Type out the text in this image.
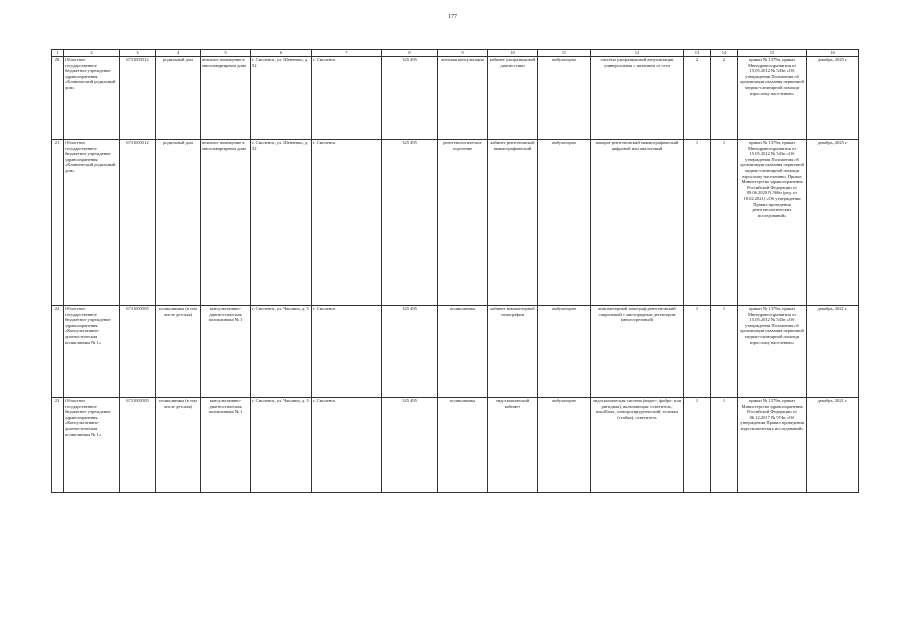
177
1	2	3	4	5	6	7	8	9	10	11	12	13	14	15	16
20.	Областное государственное бюджетное учреждение здравоохранения «Клинический родильный дом»	6731003512	родильный дом	нежилое помещение в многоквартирном доме	г. Смоленск, ул. Шевченко, д. 52	г. Смоленск	325 495	женская консультация	кабинет ультразвуковой диагностики	амбулаторно	система ультразвуковой визуализации универсальная с питанием от сети	2	2	приказ № 1379н, приказ Минздравсоцразвития от 15.05.2012 № 543н «Об утверждении Положения об организации оказания первичной медико-санитарной помощи взрослому населению»	декабрь, 2025 г.
21.	Областное государственное бюджетное учреждение здравоохранения «Клинический родильный дом»	6731003512	родильный дом	нежилое помещение в многоквартирном доме	г. Смоленск, ул. Шевченко, д. 52	г. Смоленск	325 495	рентгенологическое отделение	кабинет рентгеновской маммографический	амбулаторно	аппарат рентгеновский маммографический цифровой или аналоговый	1	1	приказ № 1379н, приказ Минздравсоцразвития от 15.05.2012 № 543н «Об утверждении Положения об организации оказания первичной медико-санитарной помощи взрослому населению» Приказ Министерства здравоохранения Российской Федерации от 09.06.2020 N 560н (ред. от 18.02.2021) «Об утверждении Правил проведения рентгенологических исследований»	декабрь, 2025 г.
22.	Областное государственное бюджетное учреждение здравоохранения «Консультативно-диагностическая поликлиника № 1»	6731003505	поликлиника (в том числе детская)	консультативно-диагностическая поликлиника № 1	г. Смоленск, ул. Чаплина, д. 3	г. Смоленск	325 495	поликлиника	кабинет компьютерной томографии	амбулаторно	компьютерный томограф рентгеновский спиральный с многорядным детектором (многосрезовый)	1	1	приказ № 1379н, приказ Минздравсоцразвития от 15.05.2012 № 543н «Об утверждении Положения об организации оказания первичной медико-санитарной помощи взрослому населению»	декабрь, 2021 г.
23.	Областное государственное бюджетное учреждение здравоохранения «Консультативно-диагностическая поликлиника № 1»	6731003505	поликлиника (в том числе детская)	консультативно-диагностическая поликлиника № 1	г. Смоленск, ул. Чаплина, д. 3	г. Смоленск	325 495	поликлиника	эндоскопический кабинет	амбулаторно	эндоскопическая система (видео-, фибро- или ригидная), включающая: осветитель, insufflator, электрохирургический, тележка (стойка); осветитель	1	1	приказ № 1379н, приказ Министерства здравоохранения Российской Федерации от 06.12.2017 № 974н «Об утверждении Правил проведения эндоскопических исследований»	декабрь, 2021 г.
